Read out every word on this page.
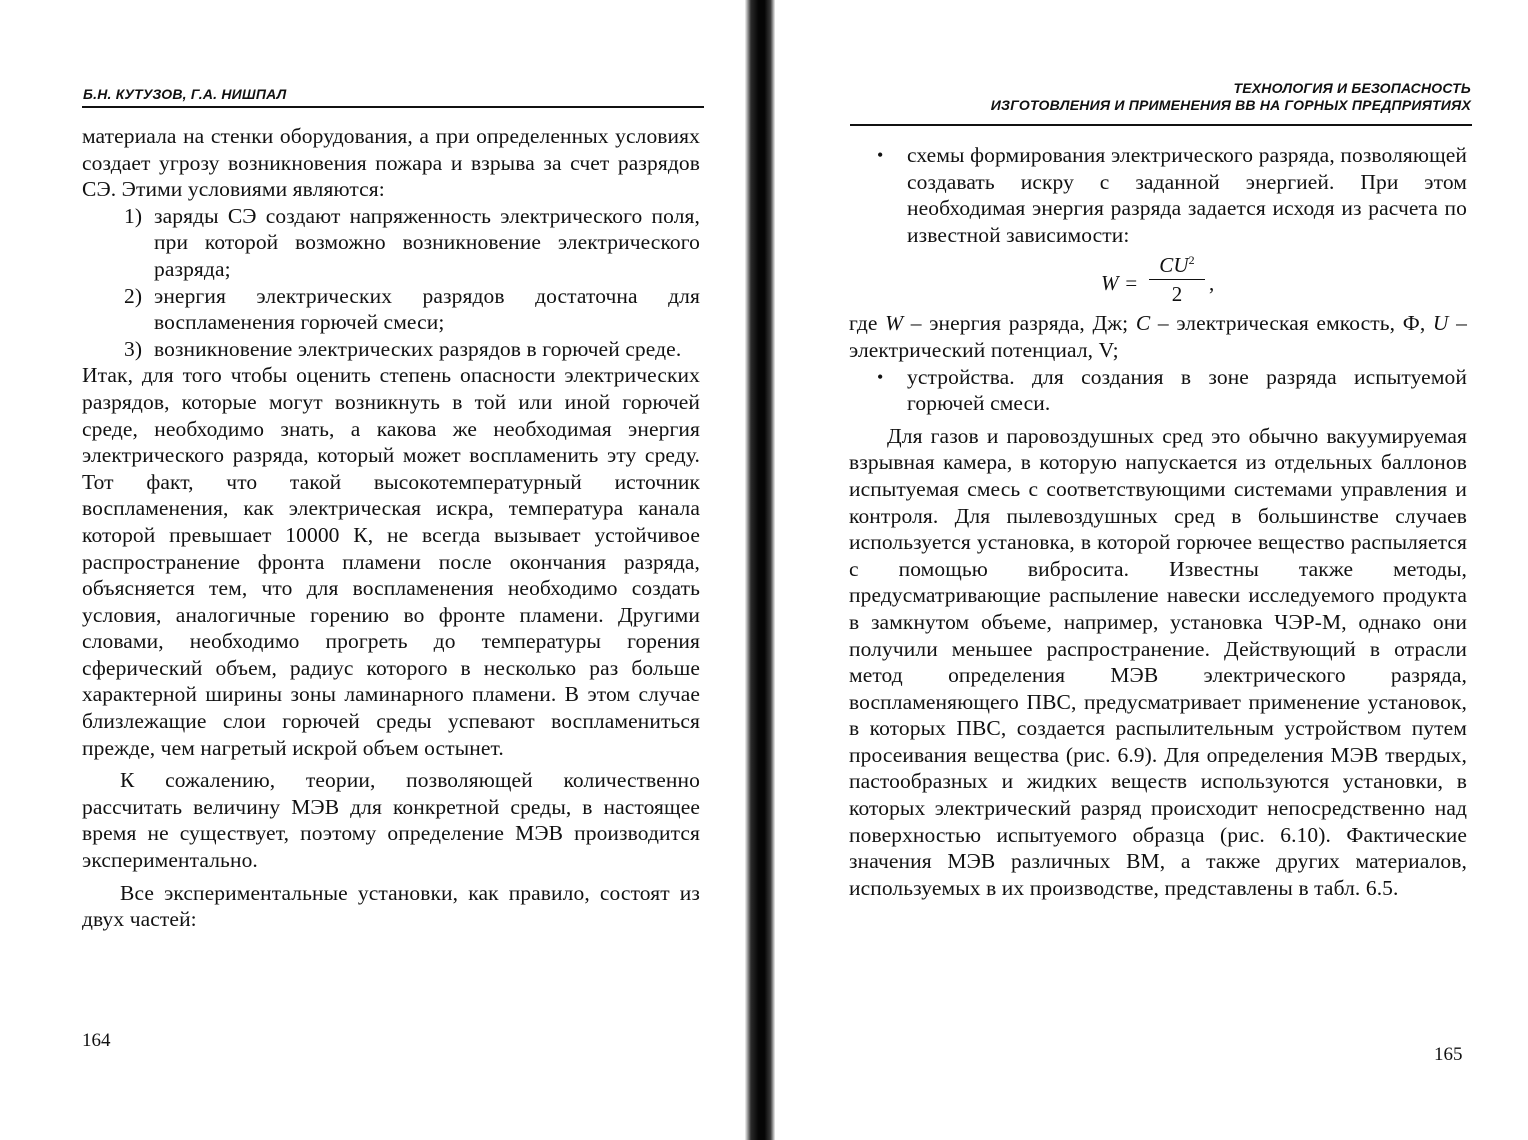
Б.Н. КУТУЗОВ, Г.А. НИШПАЛ

материала на стенки оборудования, а при определенных условиях создает угрозу возникновения пожара и взрыва за счет разрядов СЭ. Этими условиями являются:

1) заряды СЭ создают напряженность электрического поля, при которой возможно возникновение электрического разряда;
2) энергия электрических разрядов достаточна для воспламенения горючей смеси;
3) возникновение электрических разрядов в горючей среде.

Итак, для того чтобы оценить степень опасности электрических разрядов, которые могут возникнуть в той или иной горючей среде, необходимо знать, а какова же необходимая энергия электрического разряда, который может воспламенить эту среду. Тот факт, что такой высокотемпературный источник воспламенения, как электрическая искра, температура канала которой превышает 10000 К, не всегда вызывает устойчивое распространение фронта пламени после окончания разряда, объясняется тем, что для воспламенения необходимо создать условия, аналогичные горению во фронте пламени. Другими словами, необходимо прогреть до температуры горения сферический объем, радиус которого в несколько раз больше характерной ширины зоны ламинарного пламени. В этом случае близлежащие слои горючей среды успевают воспламениться прежде, чем нагретый искрой объем остынет.

К сожалению, теории, позволяющей количественно рассчитать величину МЭВ для конкретной среды, в настоящее время не существует, поэтому определение МЭВ производится экспериментально.

Все экспериментальные установки, как правило, состоят из двух частей:

164
ТЕХНОЛОГИЯ И БЕЗОПАСНОСТЬ
ИЗГОТОВЛЕНИЯ И ПРИМЕНЕНИЯ ВВ НА ГОРНЫХ ПРЕДПРИЯТИЯХ
• схемы формирования электрического разряда, позволяющей создавать искру с заданной энергией. При этом необходимая энергия разряда задается исходя из расчета по известной зависимости:
$W = \frac{CU^2}{2}$ ,

где W – энергия разряда, Дж; C – электрическая емкость, Ф, U – электрический потенциал, V;

• устройства. для создания в зоне разряда испытуемой горючей смеси.

Для газов и паровоздушных сред это обычно вакуумируемая взрывная камера, в которую напускается из отдельных баллонов испытуемая смесь с соответствующими системами управления и контроля. Для пылевоздушных сред в большинстве случаев используется установка, в которой горючее вещество распыляется с помощью вибросита. Известны также методы, предусматривающие распыление навески исследуемого продукта в замкнутом объеме, например, установка ЧЭР-М, однако они получили меньшее распространение. Действующий в отрасли метод определения МЭВ электрического разряда, воспламеняющего ПВС, предусматривает применение установок, в которых ПВС, создается распылительным устройством путем просеивания вещества (рис. 6.9). Для определения МЭВ твердых, пастообразных и жидких веществ используются установки, в которых электрический разряд происходит непосредственно над поверхностью испытуемого образца (рис. 6.10). Фактические значения МЭВ различных ВМ, а также других материалов, используемых в их производстве, представлены в табл. 6.5.

165
